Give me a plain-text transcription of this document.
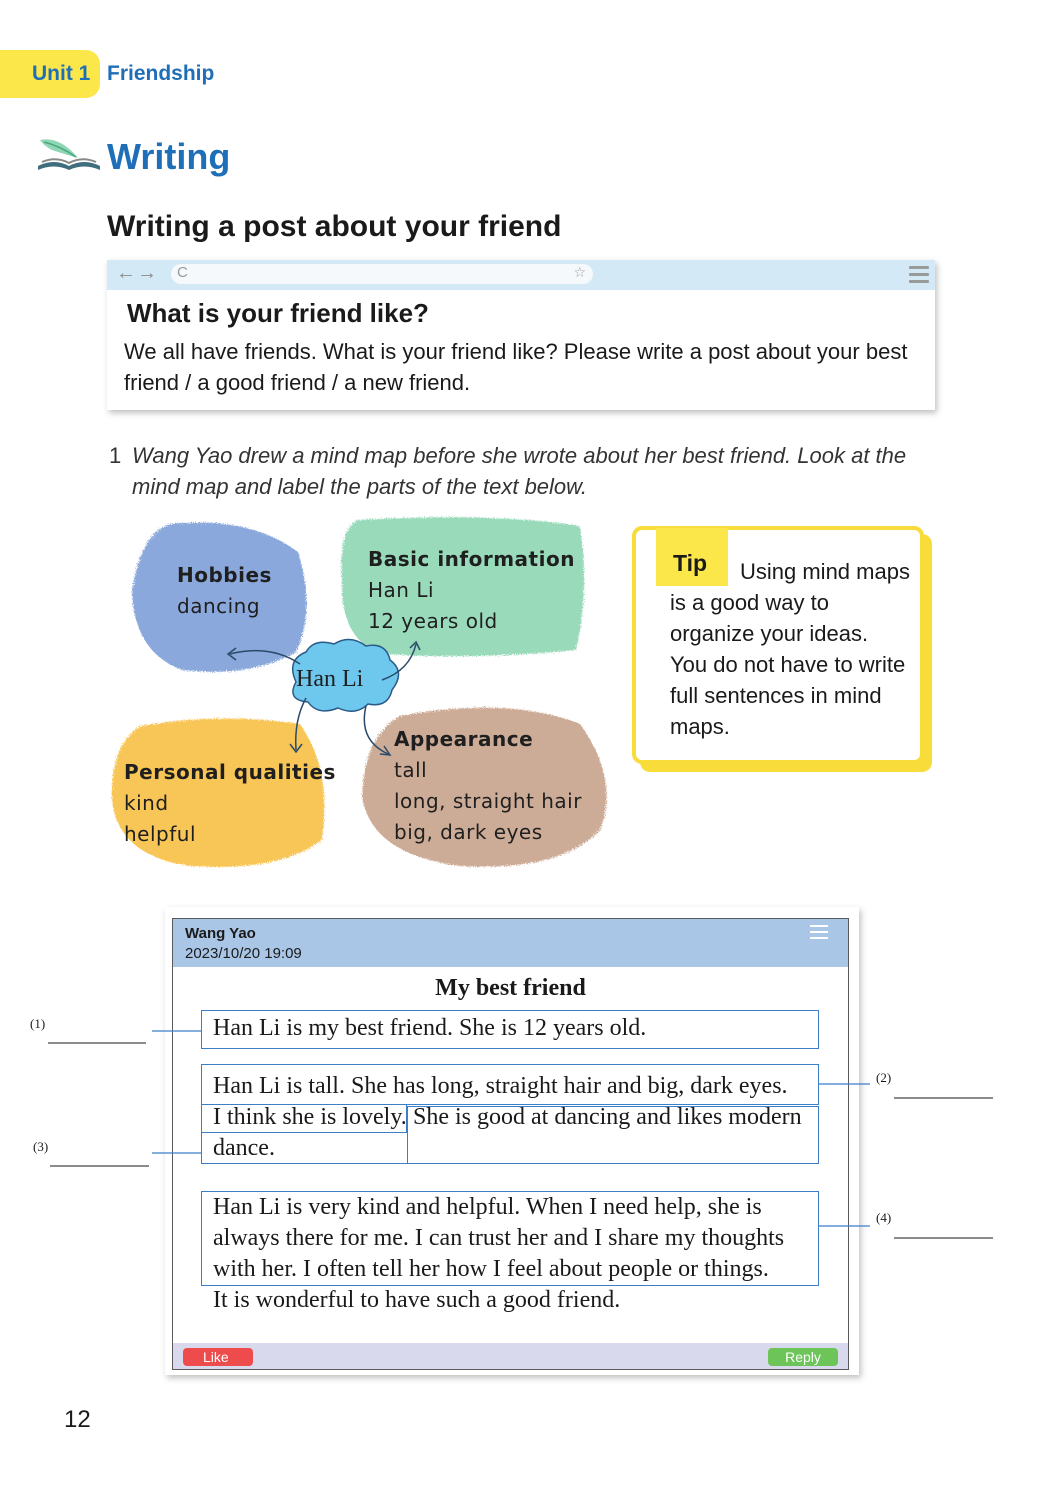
Unit 1 Friendship
Writing
Writing a post about your friend
←→ C	☆
What is your friend like?
We all have friends. What is your friend like? Please write a post about your best friend / a good friend / a new friend.
1 Wang Yao drew a mind map before she wrote about her best friend. Look at the mind map and label the parts of the text below.
Hobbies
dancing
Basic information
Han Li
12 years old
Personal qualities
kind
helpful
Appearance
tall
long, straight hair
big, dark eyes
Han Li
Tip	Using mind maps is a good way to organize your ideas. You do not have to write full sentences in mind maps.
Wang Yao
2023/10/20 19:09
My best friend
Han Li is my best friend. She is 12 years old.
Han Li is tall. She has long, straight hair and big, dark eyes.
I think she is lovely. She is good at dancing and likes modern
dance.
Han Li is very kind and helpful. When I need help, she is
always there for me. I can trust her and I share my thoughts
with her. I often tell her how I feel about people or things.
It is wonderful to have such a good friend.
Like	Reply
(1)
(2)
(3)
(4)
12
